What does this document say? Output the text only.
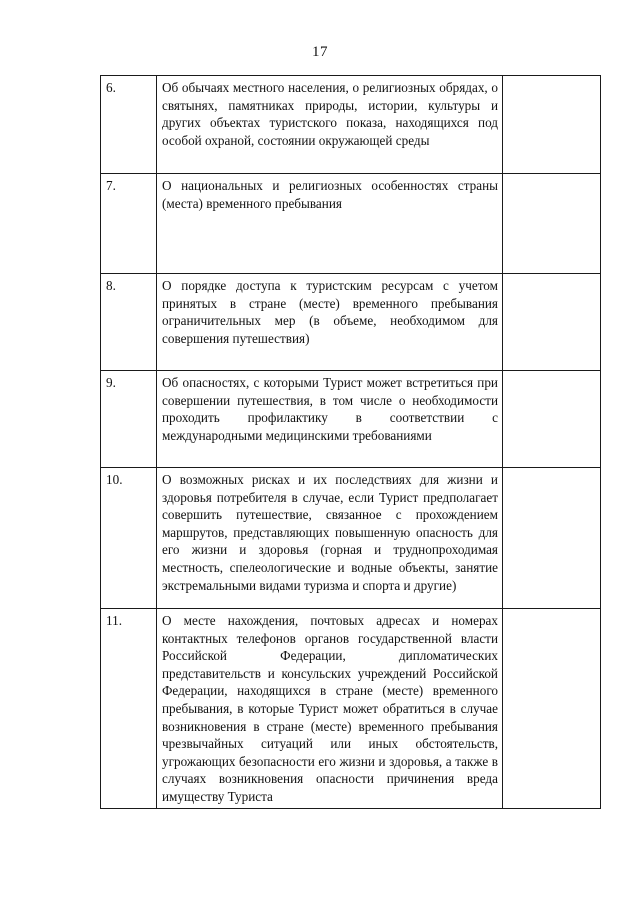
17
6.	Об обычаях местного населения, о религиозных обрядах, о святынях, памятниках природы, истории, культуры и других объектах туристского показа, находящихся под особой охраной, состоянии окружающей среды	
7.	О национальных и религиозных особенностях страны (места) временного пребывания	
8.	О порядке доступа к туристским ресурсам с учетом принятых в стране (месте) временного пребывания ограничительных мер (в объеме, необходимом для совершения путешествия)	
9.	Об опасностях, с которыми Турист может встретиться при совершении путешествия, в том числе о необходимости проходить профилактику в соответствии с международными медицинскими требованиями	
10.	О возможных рисках и их последствиях для жизни и здоровья потребителя в случае, если Турист предполагает совершить путешествие, связанное с прохождением маршрутов, представляющих повышенную опасность для его жизни и здоровья (горная и труднопроходимая местность, спелеологические и водные объекты, занятие экстремальными видами туризма и спорта и другие)	
11.	О месте нахождения, почтовых адресах и номерах контактных телефонов органов государственной власти Российской Федерации, дипломатических представительств и консульских учреждений Российской Федерации, находящихся в стране (месте) временного пребывания, в которые Турист может обратиться в случае возникновения в стране (месте) временного пребывания чрезвычайных ситуаций или иных обстоятельств, угрожающих безопасности его жизни и здоровья, а также в случаях возникновения опасности причинения вреда имуществу Туриста	
